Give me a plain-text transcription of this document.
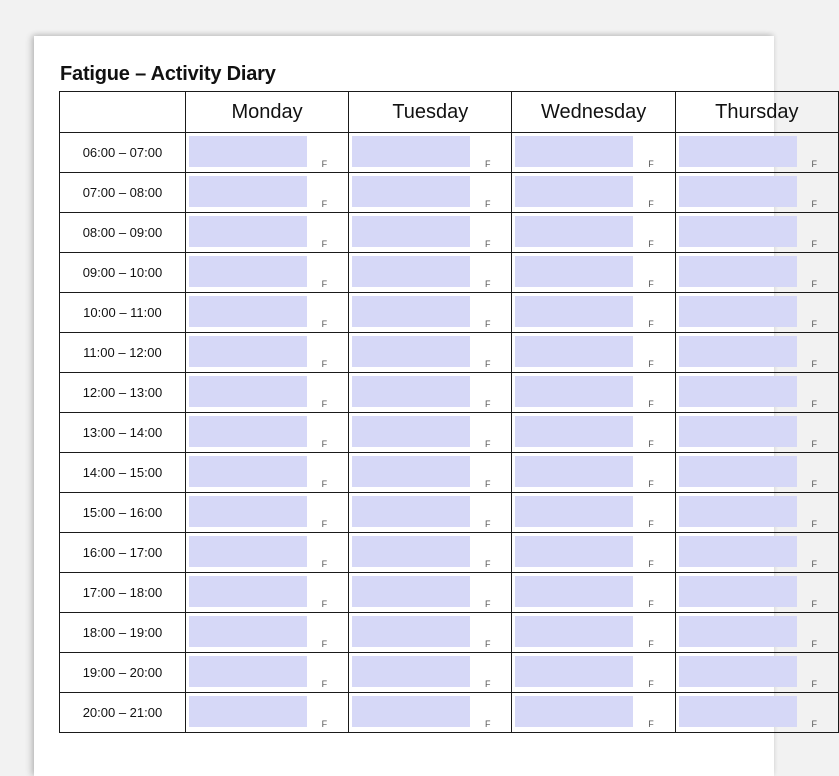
Fatigue – Activity Diary
	Monday	Tuesday	Wednesday	Thursday
06:00 – 07:00	F	F	F	F

07:00 – 08:00	F	F	F	F

08:00 – 09:00	F	F	F	F

09:00 – 10:00	F	F	F	F

10:00 – 11:00	F	F	F	F

11:00 – 12:00	F	F	F	F

12:00 – 13:00	F	F	F	F

13:00 – 14:00	F	F	F	F

14:00 – 15:00	F	F	F	F

15:00 – 16:00	F	F	F	F

16:00 – 17:00	F	F	F	F

17:00 – 18:00	F	F	F	F

18:00 – 19:00	F	F	F	F

19:00 – 20:00	F	F	F	F

20:00 – 21:00	F	F	F	F
